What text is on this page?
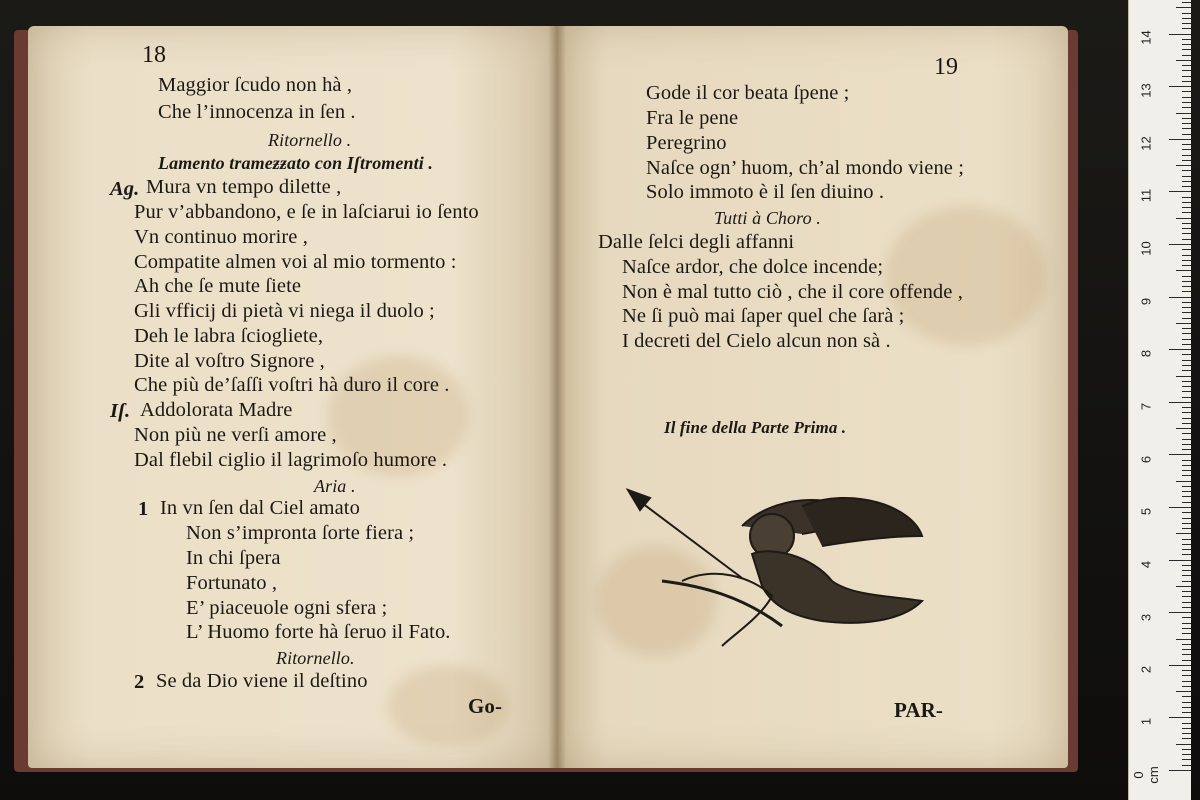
18
Maggior ſcudo non hà ,
Che l’innocenza in ſen .
Ritornello .
Lamento trameƶƶato con Iſtromenti .
Ag. Mura vn tempo dilette ,
Pur v’abbandono, e ſe in laſciarui io ſento
Vn continuo morire ,
Compatite almen voi al mio tormento :
Ah che ſe mute ſiete
Gli vfficij di pietà vi niega il duolo ;
Deh le labra ſciogliete,
Dite al voſtro Signore ,
Che più de’ſaſſi voſtri hà duro il core .
Iſ. Addolorata Madre
Non più ne verſi amore ,
Dal flebil ciglio il lagrimoſo humore .
Aria .
1 In vn ſen dal Ciel amato
Non s’impronta ſorte fiera ;
In chi ſpera
Fortunato ,
E’ piaceuole ogni sfera ;
L’ Huomo forte hà ſeruo il Fato.
Ritornello.
2 Se da Dio viene il deſtino
Go-
19
Gode il cor beata ſpene ;
Fra le pene
Peregrino
Naſce ogn’ huom, ch’al mondo viene ;
Solo immoto è il ſen diuino .
Tutti à Choro .
Dalle ſelci degli affanni
Naſce ardor, che dolce incende;
Non è mal tutto ciò , che il core offende ,
Ne ſi può mai ſaper quel che ſarà ;
I decreti del Cielo alcun non sà .
Il fine della Parte Prima .
PAR-
0 cm
1
2
3
4
5
6
7
8
9
10
11
12
13
14
